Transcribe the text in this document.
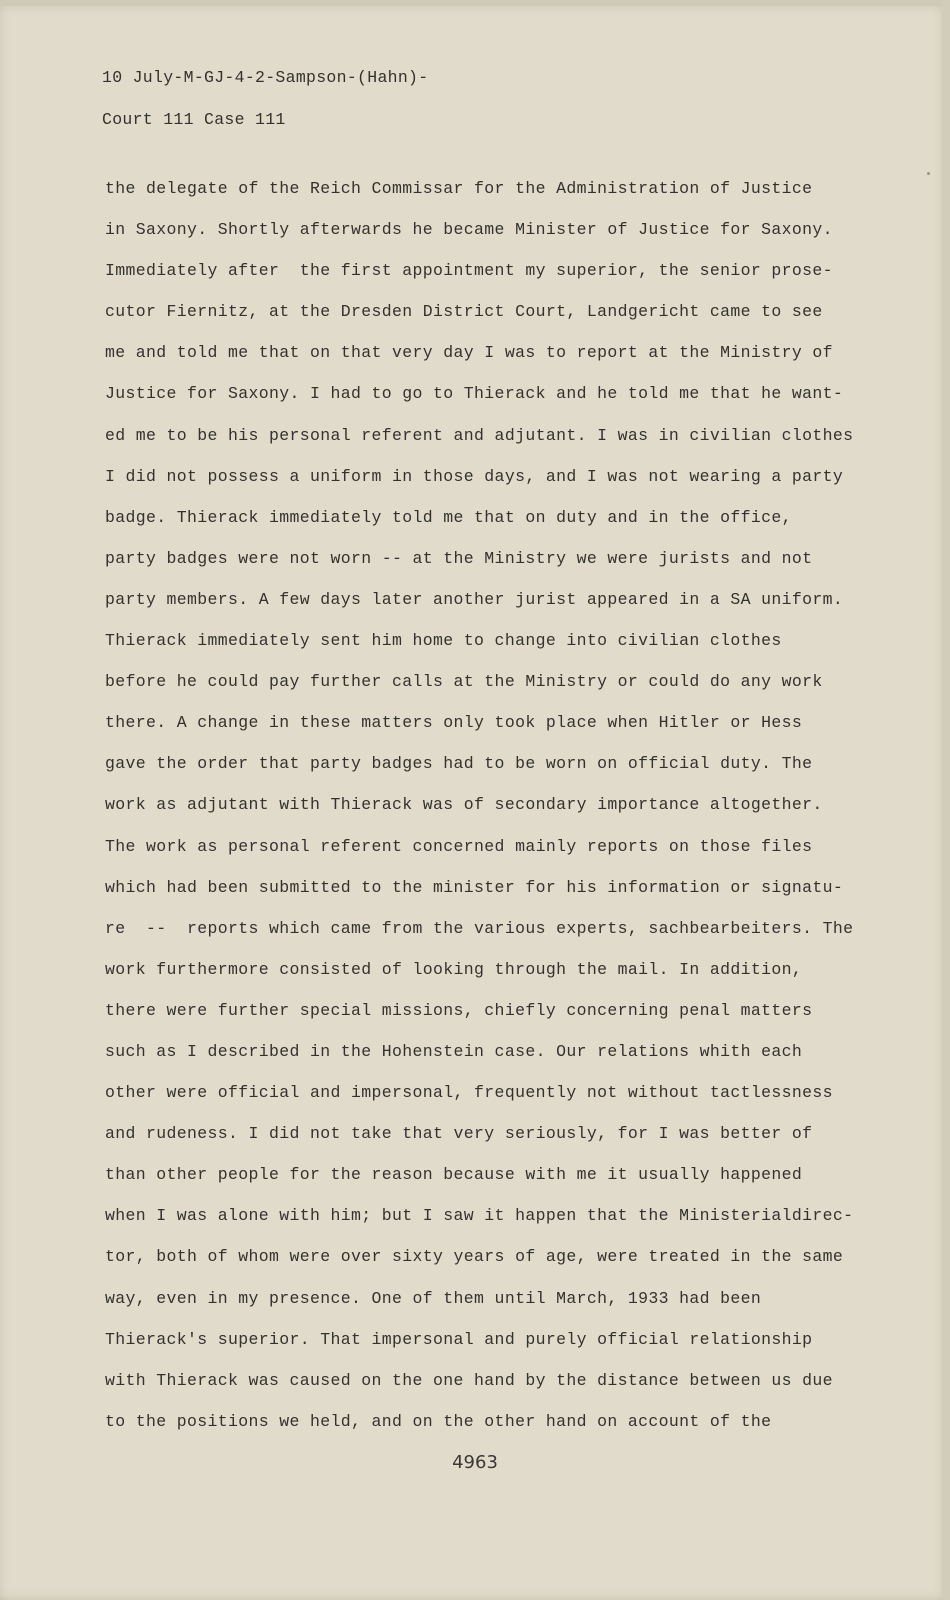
10 July-M-GJ-4-2-Sampson-(Hahn)-
Court 111 Case 111
the delegate of the Reich Commissar for the Administration of Justice
in Saxony. Shortly afterwards he became Minister of Justice for Saxony.
Immediately after  the first appointment my superior, the senior prose-
cutor Fiernitz, at the Dresden District Court, Landgericht came to see
me and told me that on that very day I was to report at the Ministry of
Justice for Saxony. I had to go to Thierack and he told me that he want-
ed me to be his personal referent and adjutant. I was in civilian clothes
I did not possess a uniform in those days, and I was not wearing a party
badge. Thierack immediately told me that on duty and in the office,
party badges were not worn -- at the Ministry we were jurists and not
party members. A few days later another jurist appeared in a SA uniform.
Thierack immediately sent him home to change into civilian clothes
before he could pay further calls at the Ministry or could do any work
there. A change in these matters only took place when Hitler or Hess
gave the order that party badges had to be worn on official duty. The
work as adjutant with Thierack was of secondary importance altogether.
The work as personal referent concerned mainly reports on those files
which had been submitted to the minister for his information or signatu-
re  --  reports which came from the various experts, sachbearbeiters. The
work furthermore consisted of looking through the mail. In addition,
there were further special missions, chiefly concerning penal matters
such as I described in the Hohenstein case. Our relations whith each
other were official and impersonal, frequently not without tactlessness
and rudeness. I did not take that very seriously, for I was better of
than other people for the reason because with me it usually happened
when I was alone with him; but I saw it happen that the Ministerialdirec-
tor, both of whom were over sixty years of age, were treated in the same
way, even in my presence. One of them until March, 1933 had been
Thierack's superior. That impersonal and purely official relationship
with Thierack was caused on the one hand by the distance between us due
to the positions we held, and on the other hand on account of the
4963
